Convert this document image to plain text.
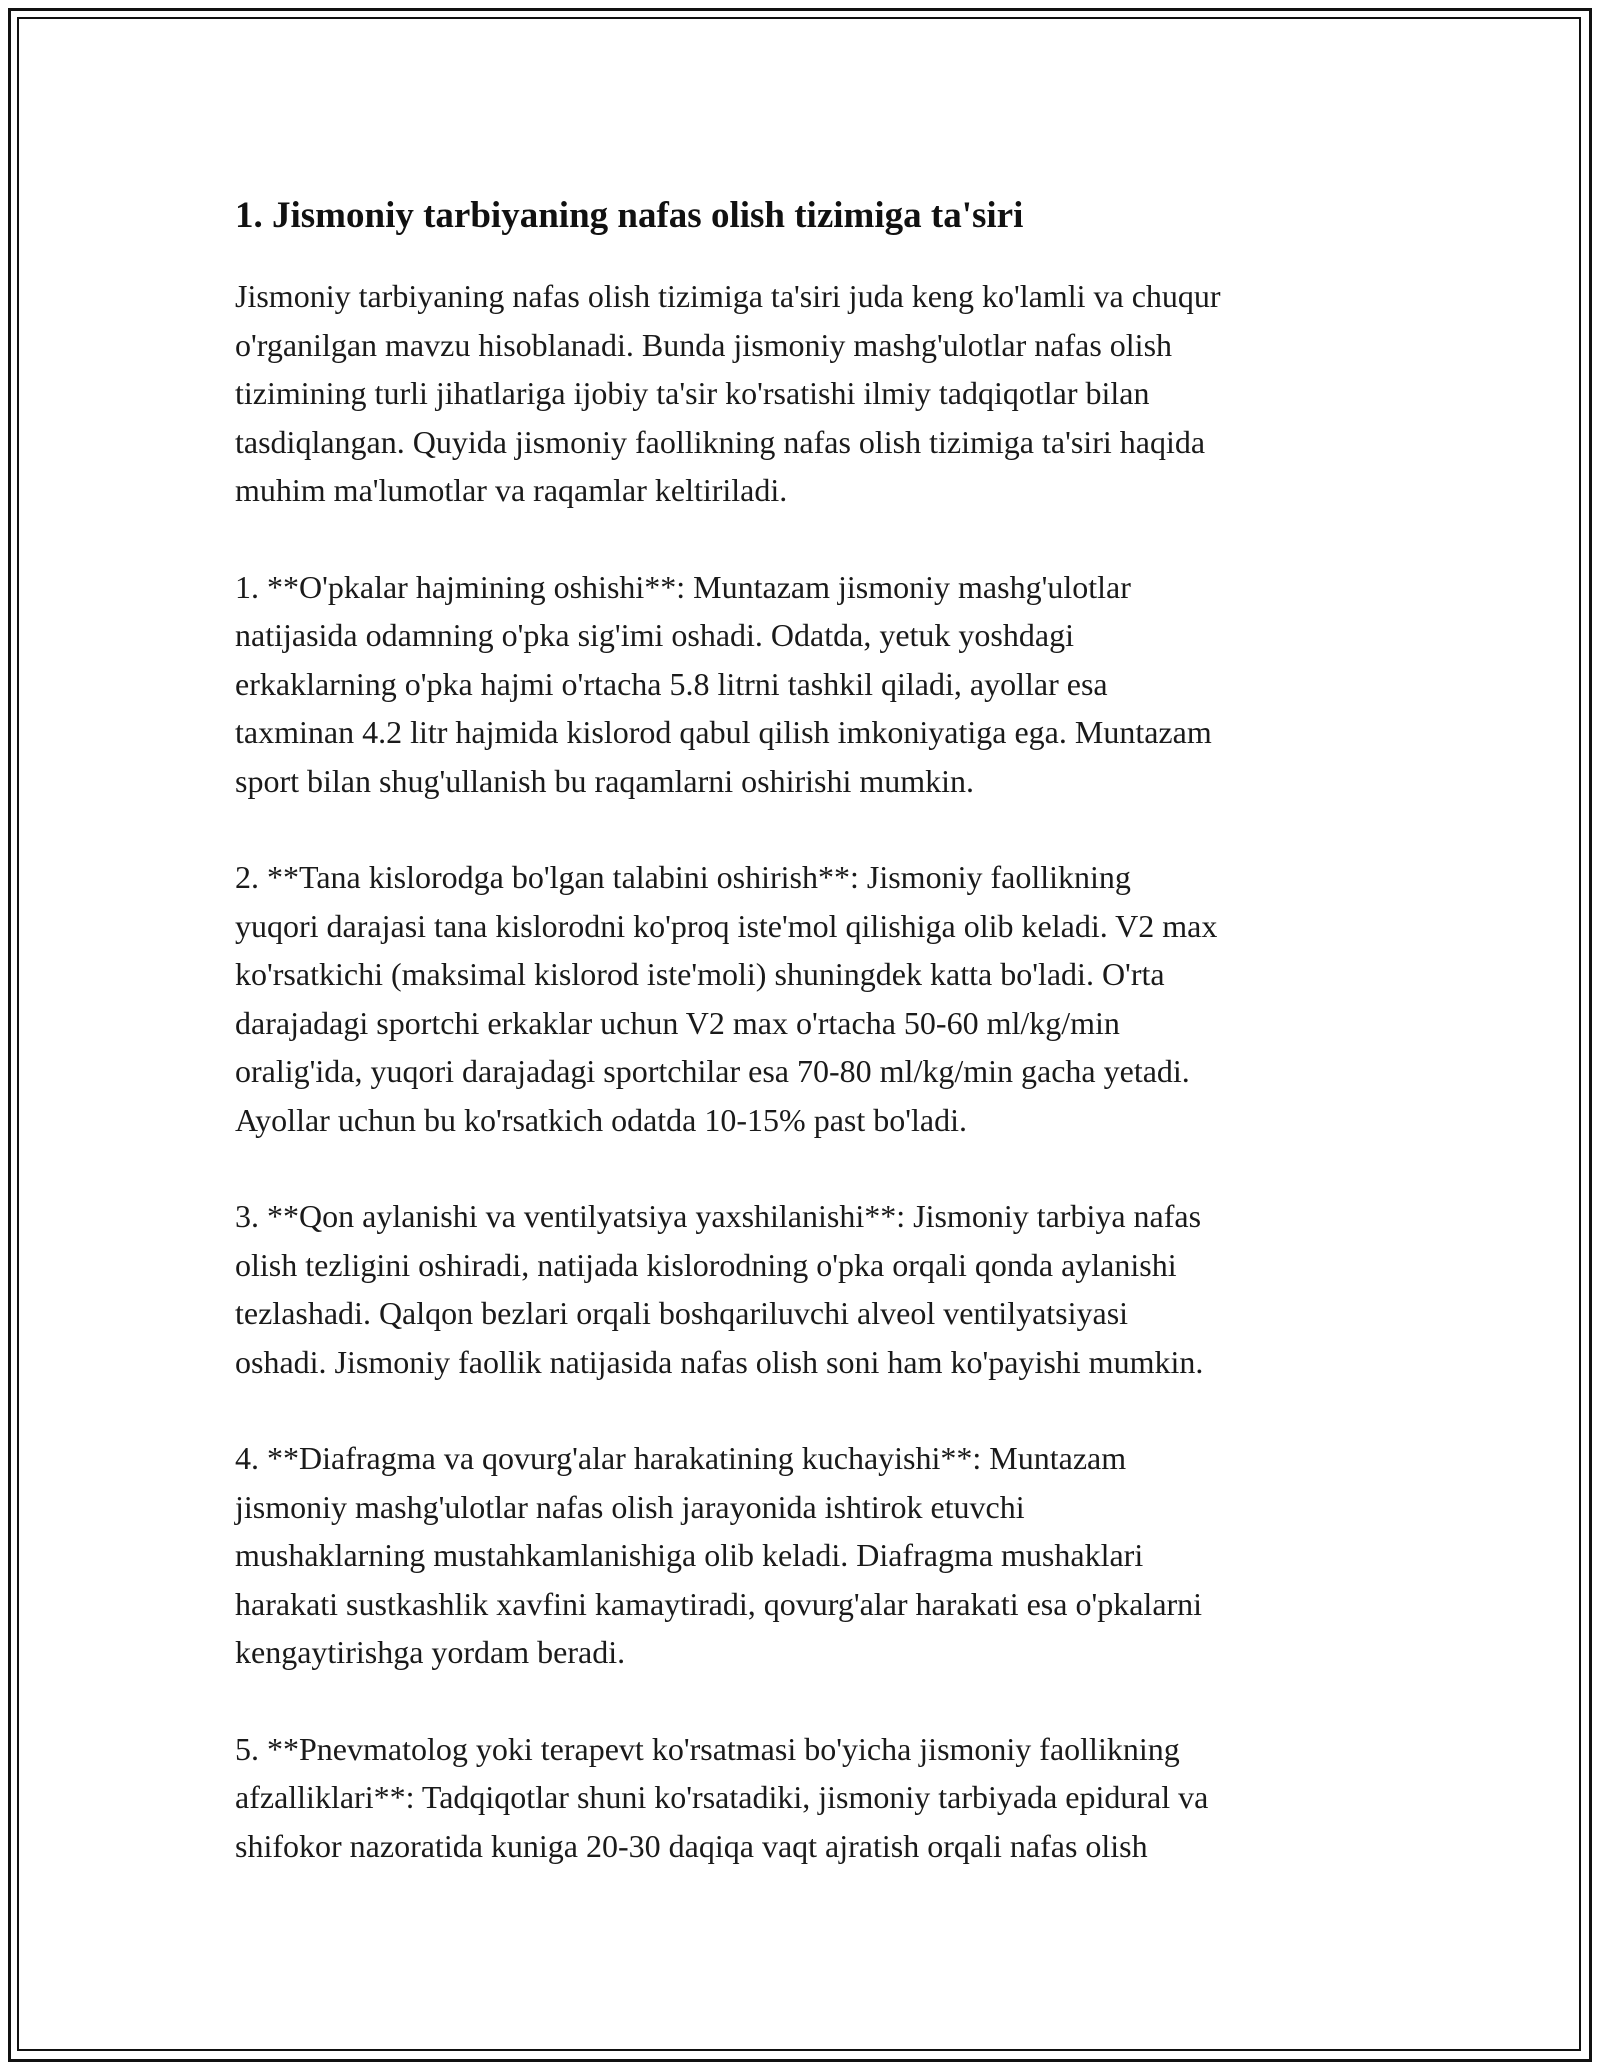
1. Jismoniy tarbiyaning nafas olish tizimiga ta'siri

Jismoniy tarbiyaning nafas olish tizimiga ta'siri juda keng ko'lamli va chuqur
o'rganilgan mavzu hisoblanadi. Bunda jismoniy mashg'ulotlar nafas olish
tizimining turli jihatlariga ijobiy ta'sir ko'rsatishi ilmiy tadqiqotlar bilan
tasdiqlangan. Quyida jismoniy faollikning nafas olish tizimiga ta'siri haqida
muhim ma'lumotlar va raqamlar keltiriladi.

1. **O'pkalar hajmining oshishi**: Muntazam jismoniy mashg'ulotlar
natijasida odamning o'pka sig'imi oshadi. Odatda, yetuk yoshdagi
erkaklarning o'pka hajmi o'rtacha 5.8 litrni tashkil qiladi, ayollar esa
taxminan 4.2 litr hajmida kislorod qabul qilish imkoniyatiga ega. Muntazam
sport bilan shug'ullanish bu raqamlarni oshirishi mumkin.

2. **Tana kislorodga bo'lgan talabini oshirish**: Jismoniy faollikning
yuqori darajasi tana kislorodni ko'proq iste'mol qilishiga olib keladi. V2 max
ko'rsatkichi (maksimal kislorod iste'moli) shuningdek katta bo'ladi. O'rta
darajadagi sportchi erkaklar uchun V2 max o'rtacha 50-60 ml/kg/min
oralig'ida, yuqori darajadagi sportchilar esa 70-80 ml/kg/min gacha yetadi.
Ayollar uchun bu ko'rsatkich odatda 10-15% past bo'ladi.

3. **Qon aylanishi va ventilyatsiya yaxshilanishi**: Jismoniy tarbiya nafas
olish tezligini oshiradi, natijada kislorodning o'pka orqali qonda aylanishi
tezlashadi. Qalqon bezlari orqali boshqariluvchi alveol ventilyatsiyasi
oshadi. Jismoniy faollik natijasida nafas olish soni ham ko'payishi mumkin.

4. **Diafragma va qovurg'alar harakatining kuchayishi**: Muntazam
jismoniy mashg'ulotlar nafas olish jarayonida ishtirok etuvchi
mushaklarning mustahkamlanishiga olib keladi. Diafragma mushaklari
harakati sustkashlik xavfini kamaytiradi, qovurg'alar harakati esa o'pkalarni
kengaytirishga yordam beradi.

5. **Pnevmatolog yoki terapevt ko'rsatmasi bo'yicha jismoniy faollikning
afzalliklari**: Tadqiqotlar shuni ko'rsatadiki, jismoniy tarbiyada epidural va
shifokor nazoratida kuniga 20-30 daqiqa vaqt ajratish orqali nafas olish
